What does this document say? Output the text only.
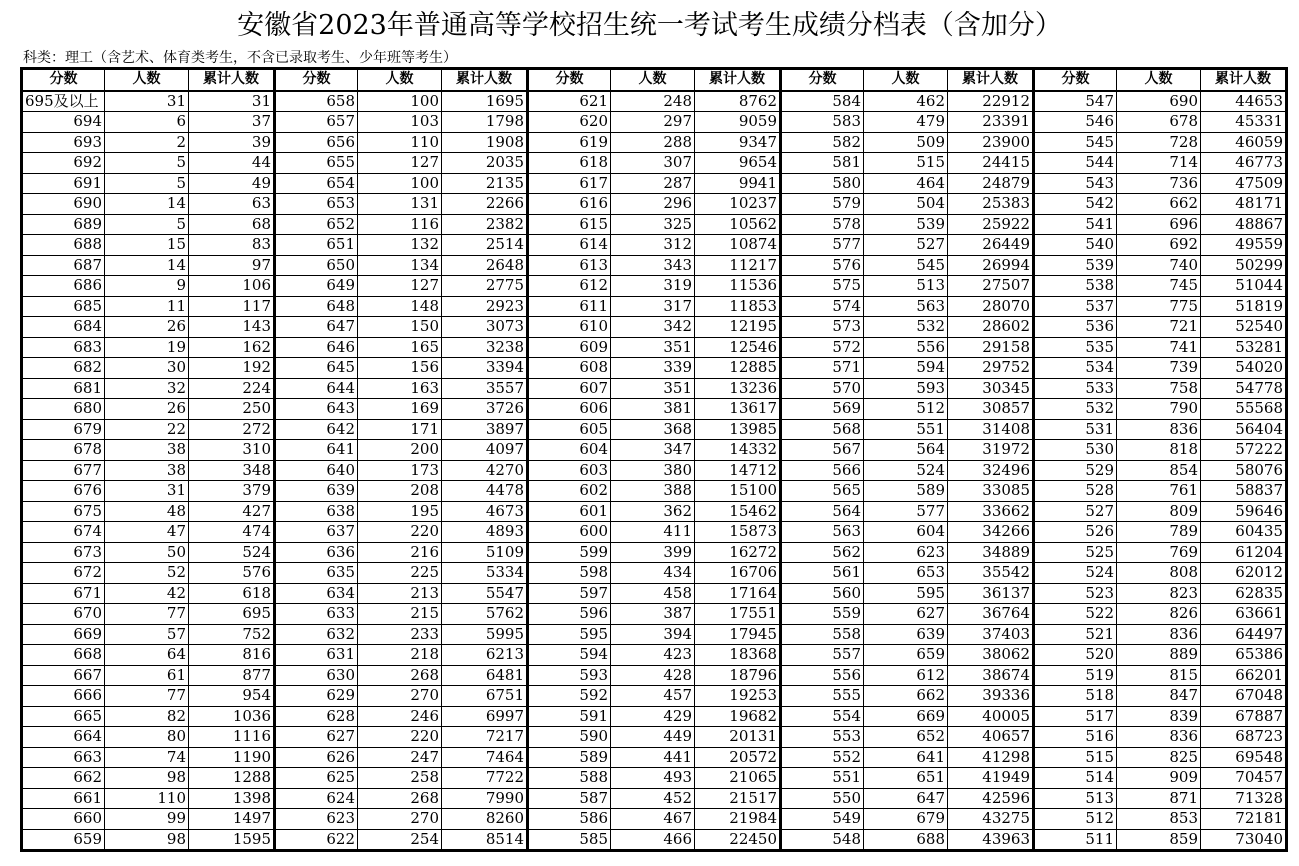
安徽省2023年普通高等学校招生统一考试考生成绩分档表（含加分）
科类：理工（含艺术、体育类考生，不含已录取考生、少年班等考生）
分数	人数	累计人数	分数	人数	累计人数	分数	人数	累计人数	分数	人数	累计人数	分数	人数	累计人数
695及以上	31	31	658	100	1695	621	248	8762	584	462	22912	547	690	44653
694	6	37	657	103	1798	620	297	9059	583	479	23391	546	678	45331
693	2	39	656	110	1908	619	288	9347	582	509	23900	545	728	46059
692	5	44	655	127	2035	618	307	9654	581	515	24415	544	714	46773
691	5	49	654	100	2135	617	287	9941	580	464	24879	543	736	47509
690	14	63	653	131	2266	616	296	10237	579	504	25383	542	662	48171
689	5	68	652	116	2382	615	325	10562	578	539	25922	541	696	48867
688	15	83	651	132	2514	614	312	10874	577	527	26449	540	692	49559
687	14	97	650	134	2648	613	343	11217	576	545	26994	539	740	50299
686	9	106	649	127	2775	612	319	11536	575	513	27507	538	745	51044
685	11	117	648	148	2923	611	317	11853	574	563	28070	537	775	51819
684	26	143	647	150	3073	610	342	12195	573	532	28602	536	721	52540
683	19	162	646	165	3238	609	351	12546	572	556	29158	535	741	53281
682	30	192	645	156	3394	608	339	12885	571	594	29752	534	739	54020
681	32	224	644	163	3557	607	351	13236	570	593	30345	533	758	54778
680	26	250	643	169	3726	606	381	13617	569	512	30857	532	790	55568
679	22	272	642	171	3897	605	368	13985	568	551	31408	531	836	56404
678	38	310	641	200	4097	604	347	14332	567	564	31972	530	818	57222
677	38	348	640	173	4270	603	380	14712	566	524	32496	529	854	58076
676	31	379	639	208	4478	602	388	15100	565	589	33085	528	761	58837
675	48	427	638	195	4673	601	362	15462	564	577	33662	527	809	59646
674	47	474	637	220	4893	600	411	15873	563	604	34266	526	789	60435
673	50	524	636	216	5109	599	399	16272	562	623	34889	525	769	61204
672	52	576	635	225	5334	598	434	16706	561	653	35542	524	808	62012
671	42	618	634	213	5547	597	458	17164	560	595	36137	523	823	62835
670	77	695	633	215	5762	596	387	17551	559	627	36764	522	826	63661
669	57	752	632	233	5995	595	394	17945	558	639	37403	521	836	64497
668	64	816	631	218	6213	594	423	18368	557	659	38062	520	889	65386
667	61	877	630	268	6481	593	428	18796	556	612	38674	519	815	66201
666	77	954	629	270	6751	592	457	19253	555	662	39336	518	847	67048
665	82	1036	628	246	6997	591	429	19682	554	669	40005	517	839	67887
664	80	1116	627	220	7217	590	449	20131	553	652	40657	516	836	68723
663	74	1190	626	247	7464	589	441	20572	552	641	41298	515	825	69548
662	98	1288	625	258	7722	588	493	21065	551	651	41949	514	909	70457
661	110	1398	624	268	7990	587	452	21517	550	647	42596	513	871	71328
660	99	1497	623	270	8260	586	467	21984	549	679	43275	512	853	72181
659	98	1595	622	254	8514	585	466	22450	548	688	43963	511	859	73040
